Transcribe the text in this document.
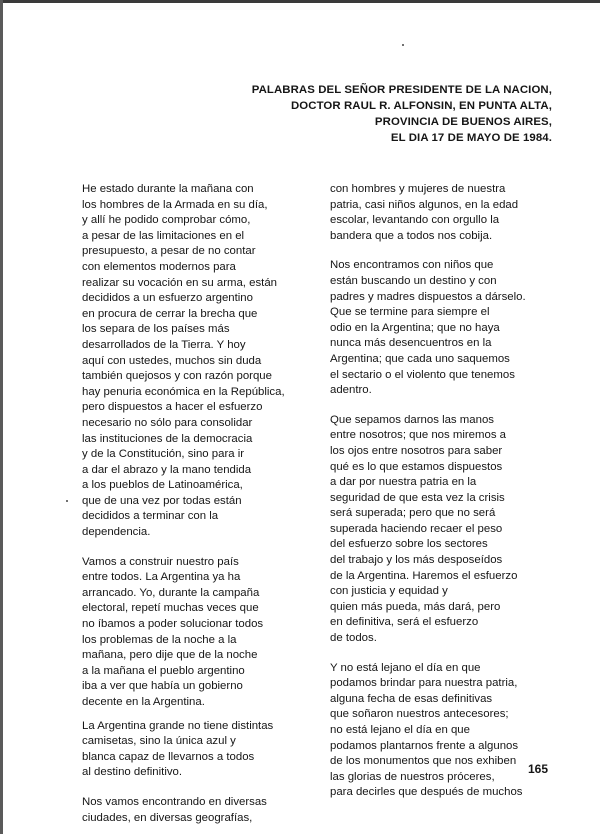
PALABRAS DEL SEÑOR PRESIDENTE DE LA NACION,
DOCTOR RAUL R. ALFONSIN, EN PUNTA ALTA,
PROVINCIA DE BUENOS AIRES,
EL DIA 17 DE MAYO DE 1984.
He estado durante la mañana con
los hombres de la Armada en su día,
y allí he podido comprobar cómo,
a pesar de las limitaciones en el
presupuesto, a pesar de no contar
con elementos modernos para
realizar su vocación en su arma, están
decididos a un esfuerzo argentino
en procura de cerrar la brecha que
los separa de los países más
desarrollados de la Tierra. Y hoy
aquí con ustedes, muchos sin duda
también quejosos y con razón porque
hay penuria económica en la República,
pero dispuestos a hacer el esfuerzo
necesario no sólo para consolidar
las instituciones de la democracia
y de la Constitución, sino para ir
a dar el abrazo y la mano tendida
a los pueblos de Latinoamérica,
que de una vez por todas están
decididos a terminar con la
dependencia.
Vamos a construir nuestro país
entre todos. La Argentina ya ha
arrancado. Yo, durante la campaña
electoral, repetí muchas veces que
no íbamos a poder solucionar todos
los problemas de la noche a la
mañana, pero dije que de la noche
a la mañana el pueblo argentino
iba a ver que había un gobierno
decente en la Argentina.
La Argentina grande no tiene distintas
camisetas, sino la única azul y
blanca capaz de llevarnos a todos
al destino definitivo.
Nos vamos encontrando en diversas
ciudades, en diversas geografías,
con hombres y mujeres de nuestra
patria, casi niños algunos, en la edad
escolar, levantando con orgullo la
bandera que a todos nos cobija.
Nos encontramos con niños que
están buscando un destino y con
padres y madres dispuestos a dárselo.
Que se termine para siempre el
odio en la Argentina; que no haya
nunca más desencuentros en la
Argentina; que cada uno saquemos
el sectario o el violento que tenemos
adentro.
Que sepamos darnos las manos
entre nosotros; que nos miremos a
los ojos entre nosotros para saber
qué es lo que estamos dispuestos
a dar por nuestra patria en la
seguridad de que esta vez la crisis
será superada; pero que no será
superada haciendo recaer el peso
del esfuerzo sobre los sectores
del trabajo y los más desposeídos
de la Argentina. Haremos el esfuerzo
con justicia y equidad y
quien más pueda, más dará, pero
en definitiva, será el esfuerzo
de todos.
Y no está lejano el día en que
podamos brindar para nuestra patria,
alguna fecha de esas definitivas
que soñaron nuestros antecesores;
no está lejano el día en que
podamos plantarnos frente a algunos
de los monumentos que nos exhiben
las glorias de nuestros próceres,
para decirles que después de muchos
165
